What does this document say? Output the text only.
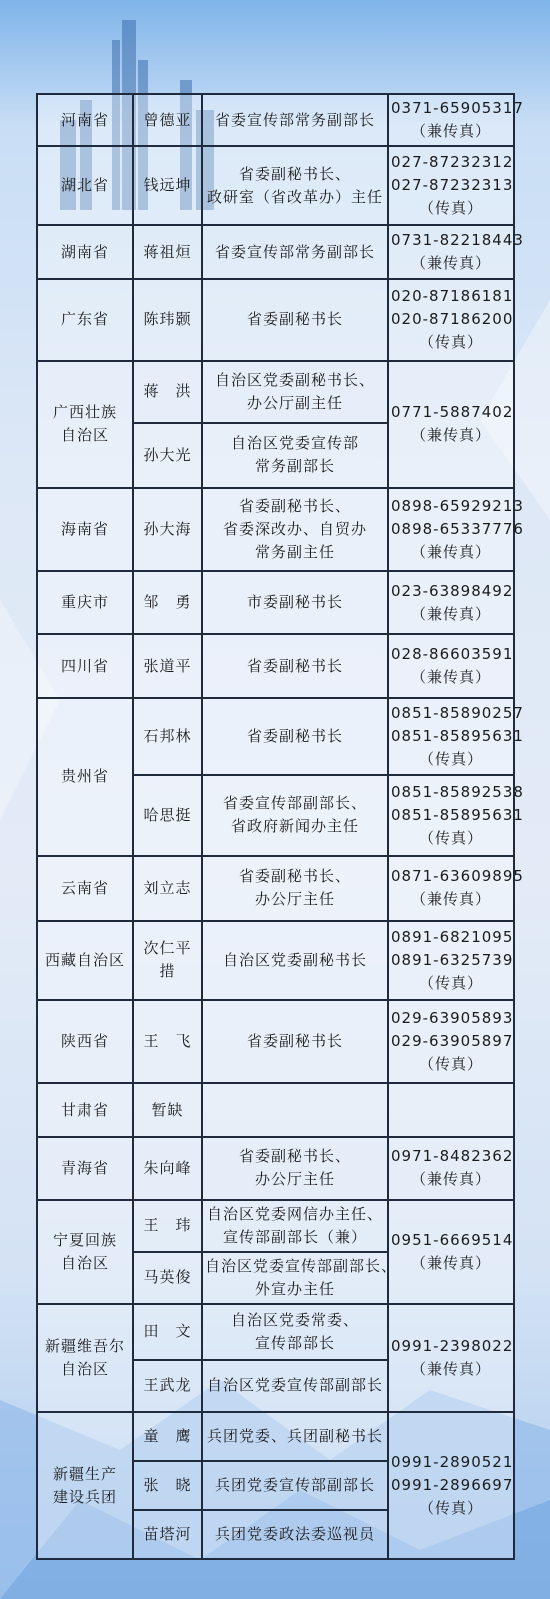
河南省	曾德亚	省委宣传部常务副部长	0371-65905317
（兼传真）

湖北省	钱远坤	省委副秘书长、
政研室（省改革办）主任	027-87232312
027-87232313
（传真）

湖南省	蒋祖烜	省委宣传部常务副部长	0731-82218443
（兼传真）

广东省	陈玮颢	省委副秘书长	020-87186181
020-87186200
（传真）

广西壮族
自治区	蒋　洪	自治区党委副秘书长、
办公厅副主任	0771-5887402
（兼传真）

	孙大光	自治区党委宣传部
常务副部长	

海南省	孙大海	省委副秘书长、
省委深改办、自贸办
常务副主任	0898-65929213
0898-65337776
（兼传真）

重庆市	邹　勇	市委副秘书长	023-63898492
（兼传真）

四川省	张道平	省委副秘书长	028-86603591
（兼传真）

贵州省	石邦林	省委副秘书长	0851-85890257
0851-85895631
（传真）

	哈思挺	省委宣传部副部长、
省政府新闻办主任	0851-85892538
0851-85895631
（传真）

云南省	刘立志	省委副秘书长、
办公厅主任	0871-63609895
（兼传真）

西藏自治区	次仁平措	自治区党委副秘书长	0891-6821095
0891-6325739
（传真）

陕西省	王　飞	省委副秘书长	029-63905893
029-63905897
（传真）

甘肃省	暂缺		

青海省	朱向峰	省委副秘书长、
办公厅主任	0971-8482362
（兼传真）

宁夏回族
自治区	王　玮	自治区党委网信办主任、
宣传部副部长（兼）	0951-6669514
（兼传真）

	马英俊	自治区党委宣传部副部长、
外宣办主任	

新疆维吾尔
自治区	田　文	自治区党委常委、
宣传部部长	0991-2398022
（兼传真）

	王武龙	自治区党委宣传部副部长	

新疆生产
建设兵团	童　鹰	兵团党委、兵团副秘书长	0991-2890521
0991-2896697
（传真）

	张　晓	兵团党委宣传部副部长	

	苗塔河	兵团党委政法委巡视员	
